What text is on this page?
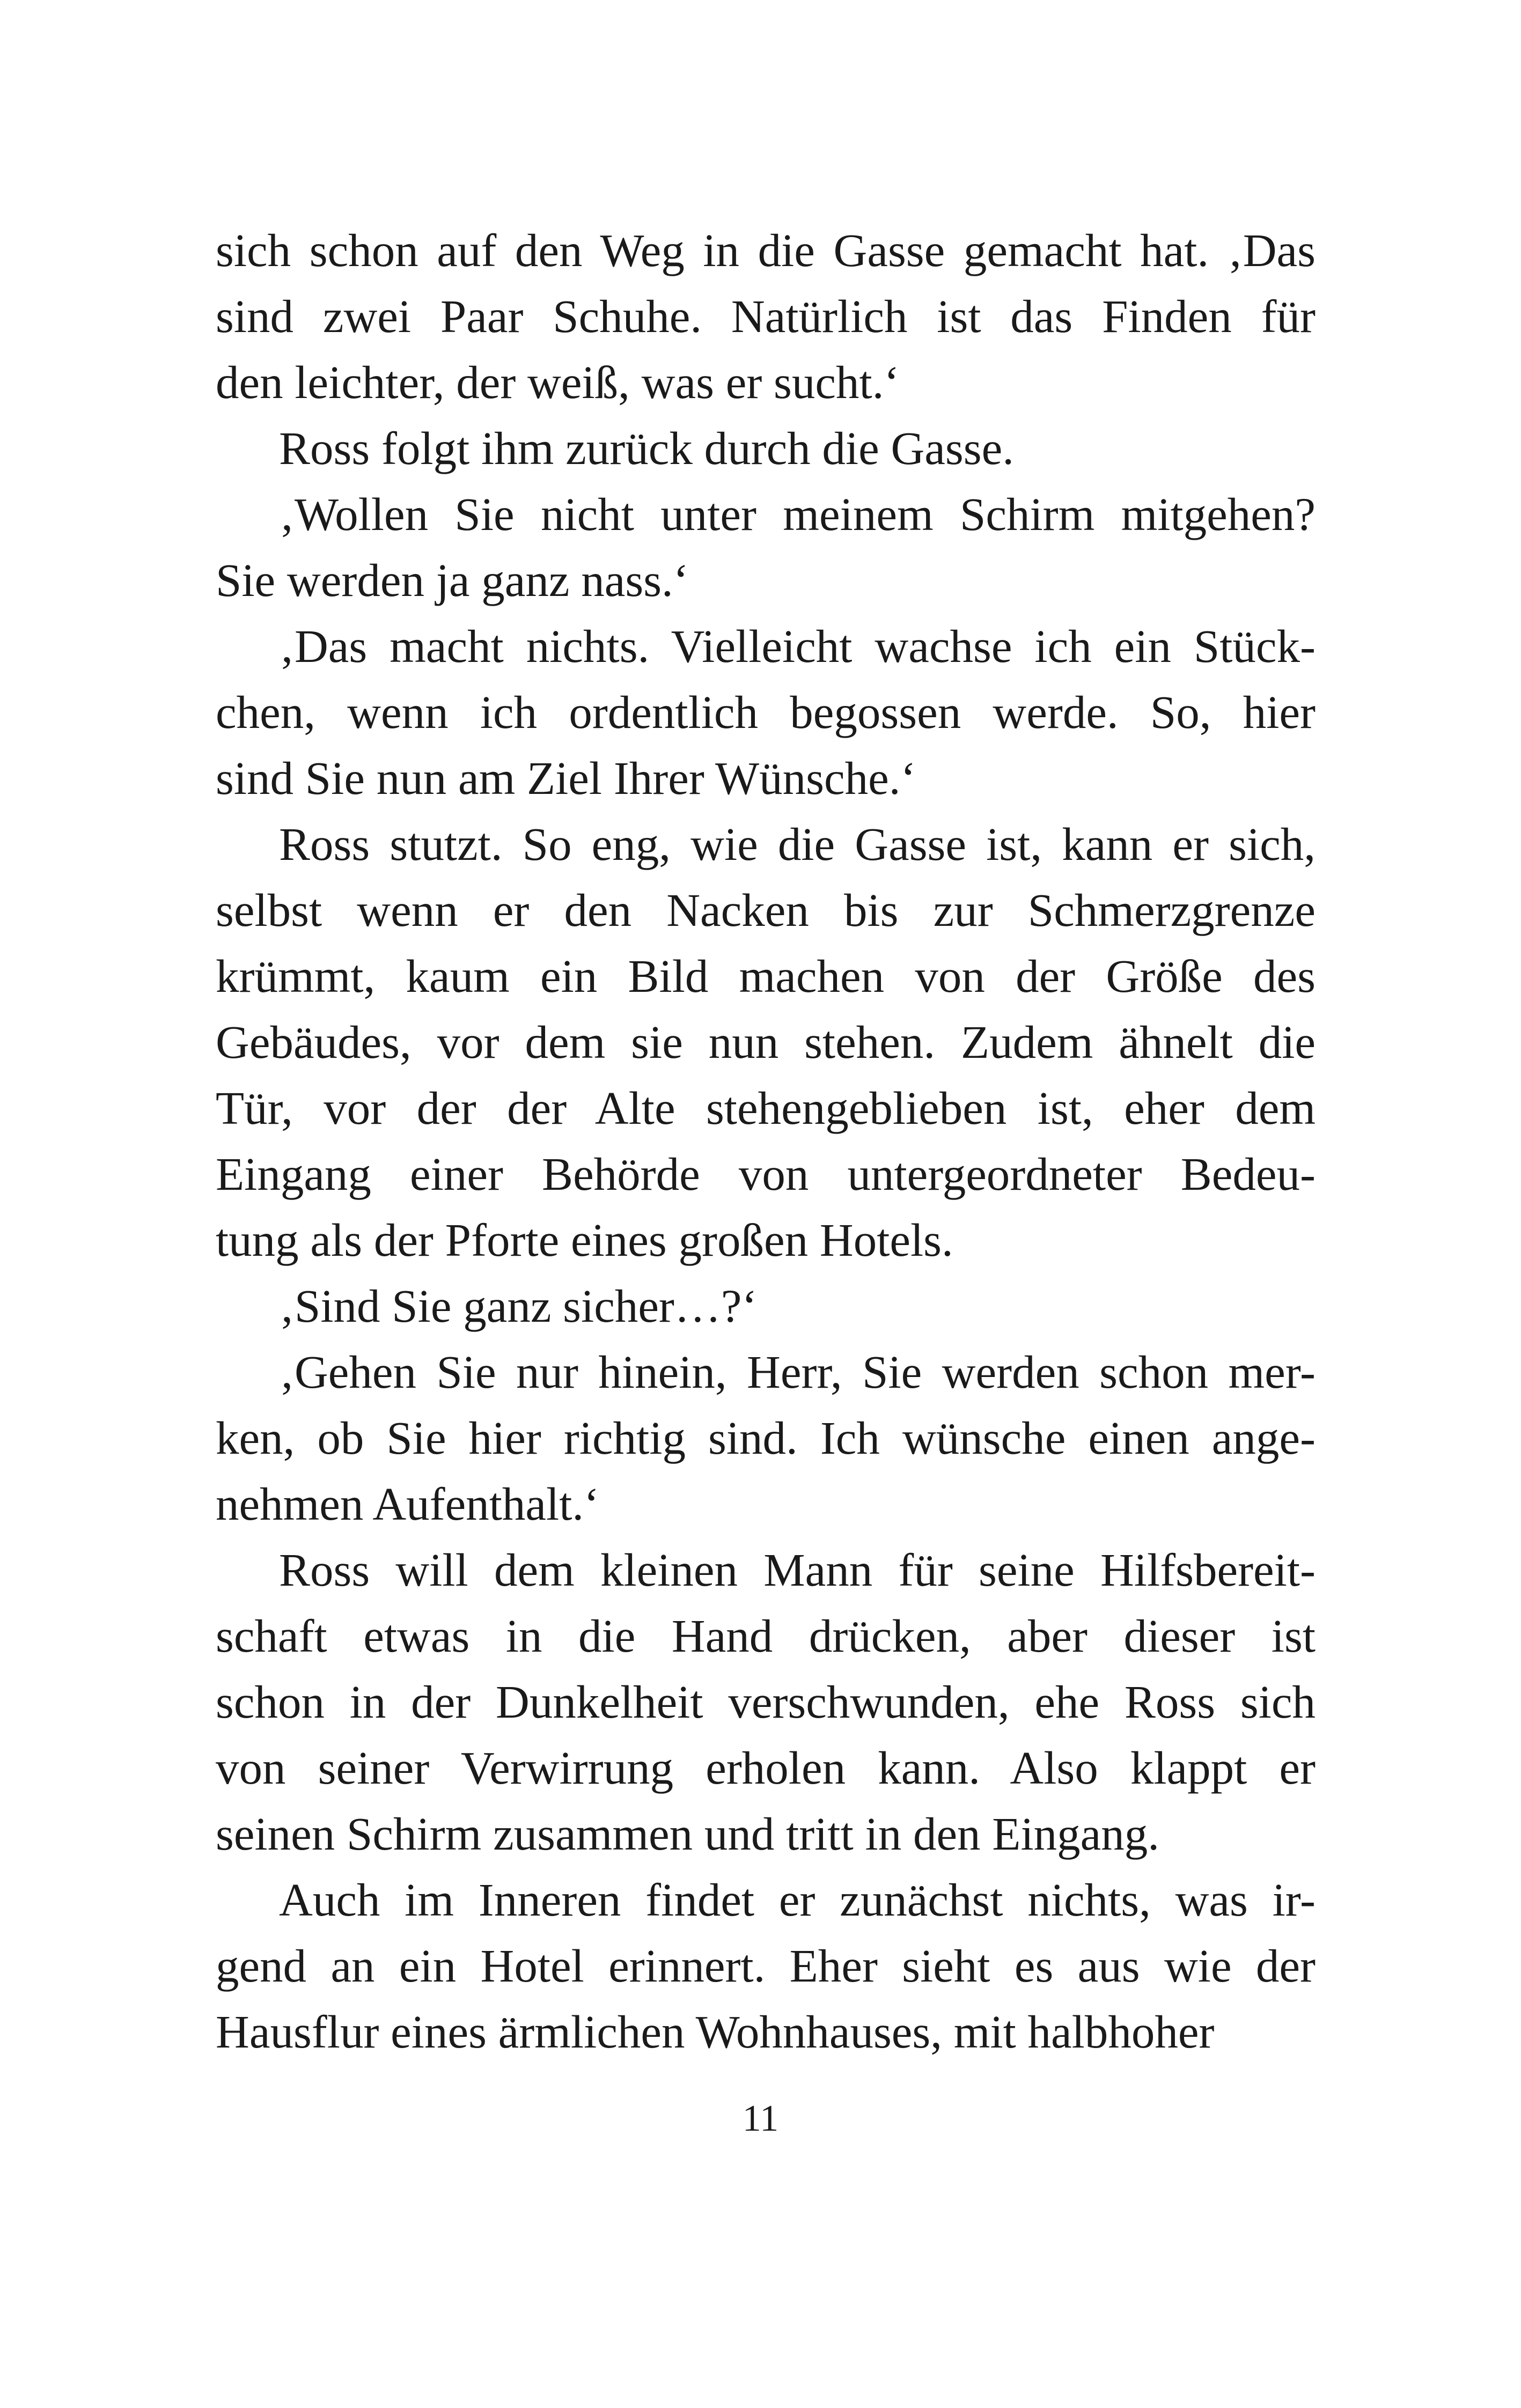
sich schon auf den Weg in die Gasse gemacht hat. ‚Das
sind zwei Paar Schuhe. Natürlich ist das Finden für
den leichter, der weiß, was er sucht.‘
Ross folgt ihm zurück durch die Gasse.
‚Wollen Sie nicht unter meinem Schirm mitgehen?
Sie werden ja ganz nass.‘
‚Das macht nichts. Vielleicht wachse ich ein Stück-
chen, wenn ich ordentlich begossen werde. So, hier
sind Sie nun am Ziel Ihrer Wünsche.‘
Ross stutzt. So eng, wie die Gasse ist, kann er sich,
selbst wenn er den Nacken bis zur Schmerzgrenze
krümmt, kaum ein Bild machen von der Größe des
Gebäudes, vor dem sie nun stehen. Zudem ähnelt die
Tür, vor der der Alte stehengeblieben ist, eher dem
Eingang einer Behörde von untergeordneter Bedeu-
tung als der Pforte eines großen Hotels.
‚Sind Sie ganz sicher…?‘
‚Gehen Sie nur hinein, Herr, Sie werden schon mer-
ken, ob Sie hier richtig sind. Ich wünsche einen ange-
nehmen Aufenthalt.‘
Ross will dem kleinen Mann für seine Hilfsbereit-
schaft etwas in die Hand drücken, aber dieser ist
schon in der Dunkelheit verschwunden, ehe Ross sich
von seiner Verwirrung erholen kann. Also klappt er
seinen Schirm zusammen und tritt in den Eingang.
Auch im Inneren findet er zunächst nichts, was ir-
gend an ein Hotel erinnert. Eher sieht es aus wie der
Hausflur eines ärmlichen Wohnhauses, mit halbhoher
11
